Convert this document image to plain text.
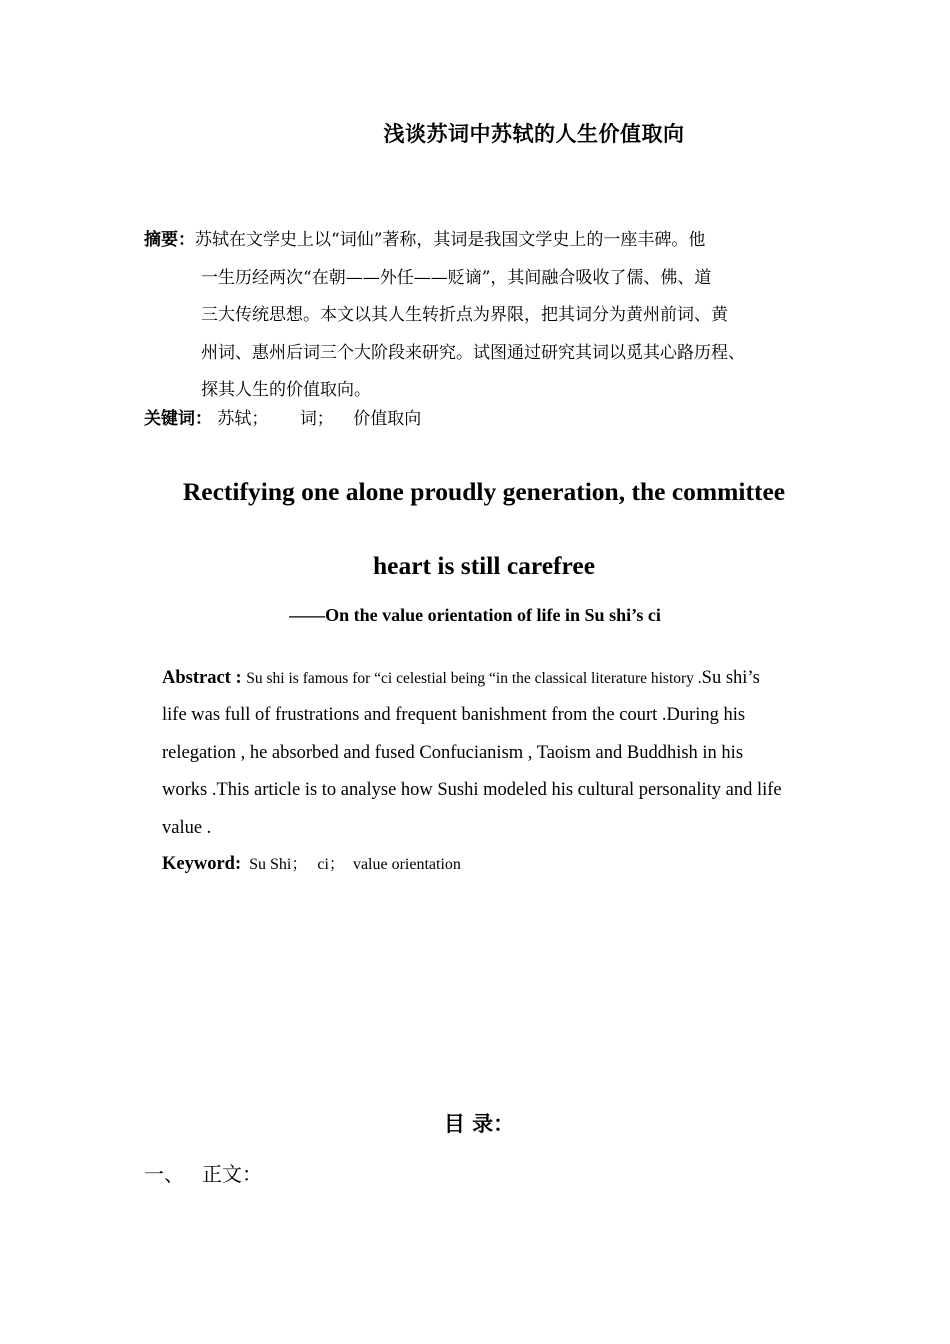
浅谈苏词中苏轼的人生价值取向
摘要：苏轼在文学史上以“词仙”著称，其词是我国文学史上的一座丰碑。他
一生历经两次“在朝——外任——贬谪”，其间融合吸收了儒、佛、道
三大传统思想。本文以其人生转折点为界限，把其词分为黄州前词、黄
州词、惠州后词三个大阶段来研究。试图通过研究其词以觅其心路历程、
探其人生的价值取向。
关键词： 苏轼； 词； 价值取向
Rectifying one alone proudly generation, the committee
heart is still carefree
——On the value orientation of life in Su shi’s ci
Abstract : Su shi is famous for “ci celestial being “in the classical literature history .Su shi’s
life was full of frustrations and frequent banishment from the court .During his
relegation , he absorbed and fused Confucianism , Taoism and Buddhish in his
works .This article is to analyse how Sushi modeled his cultural personality and life
value .
Keyword: Su Shi； ci； value orientation
目 录：
一、 正文：
